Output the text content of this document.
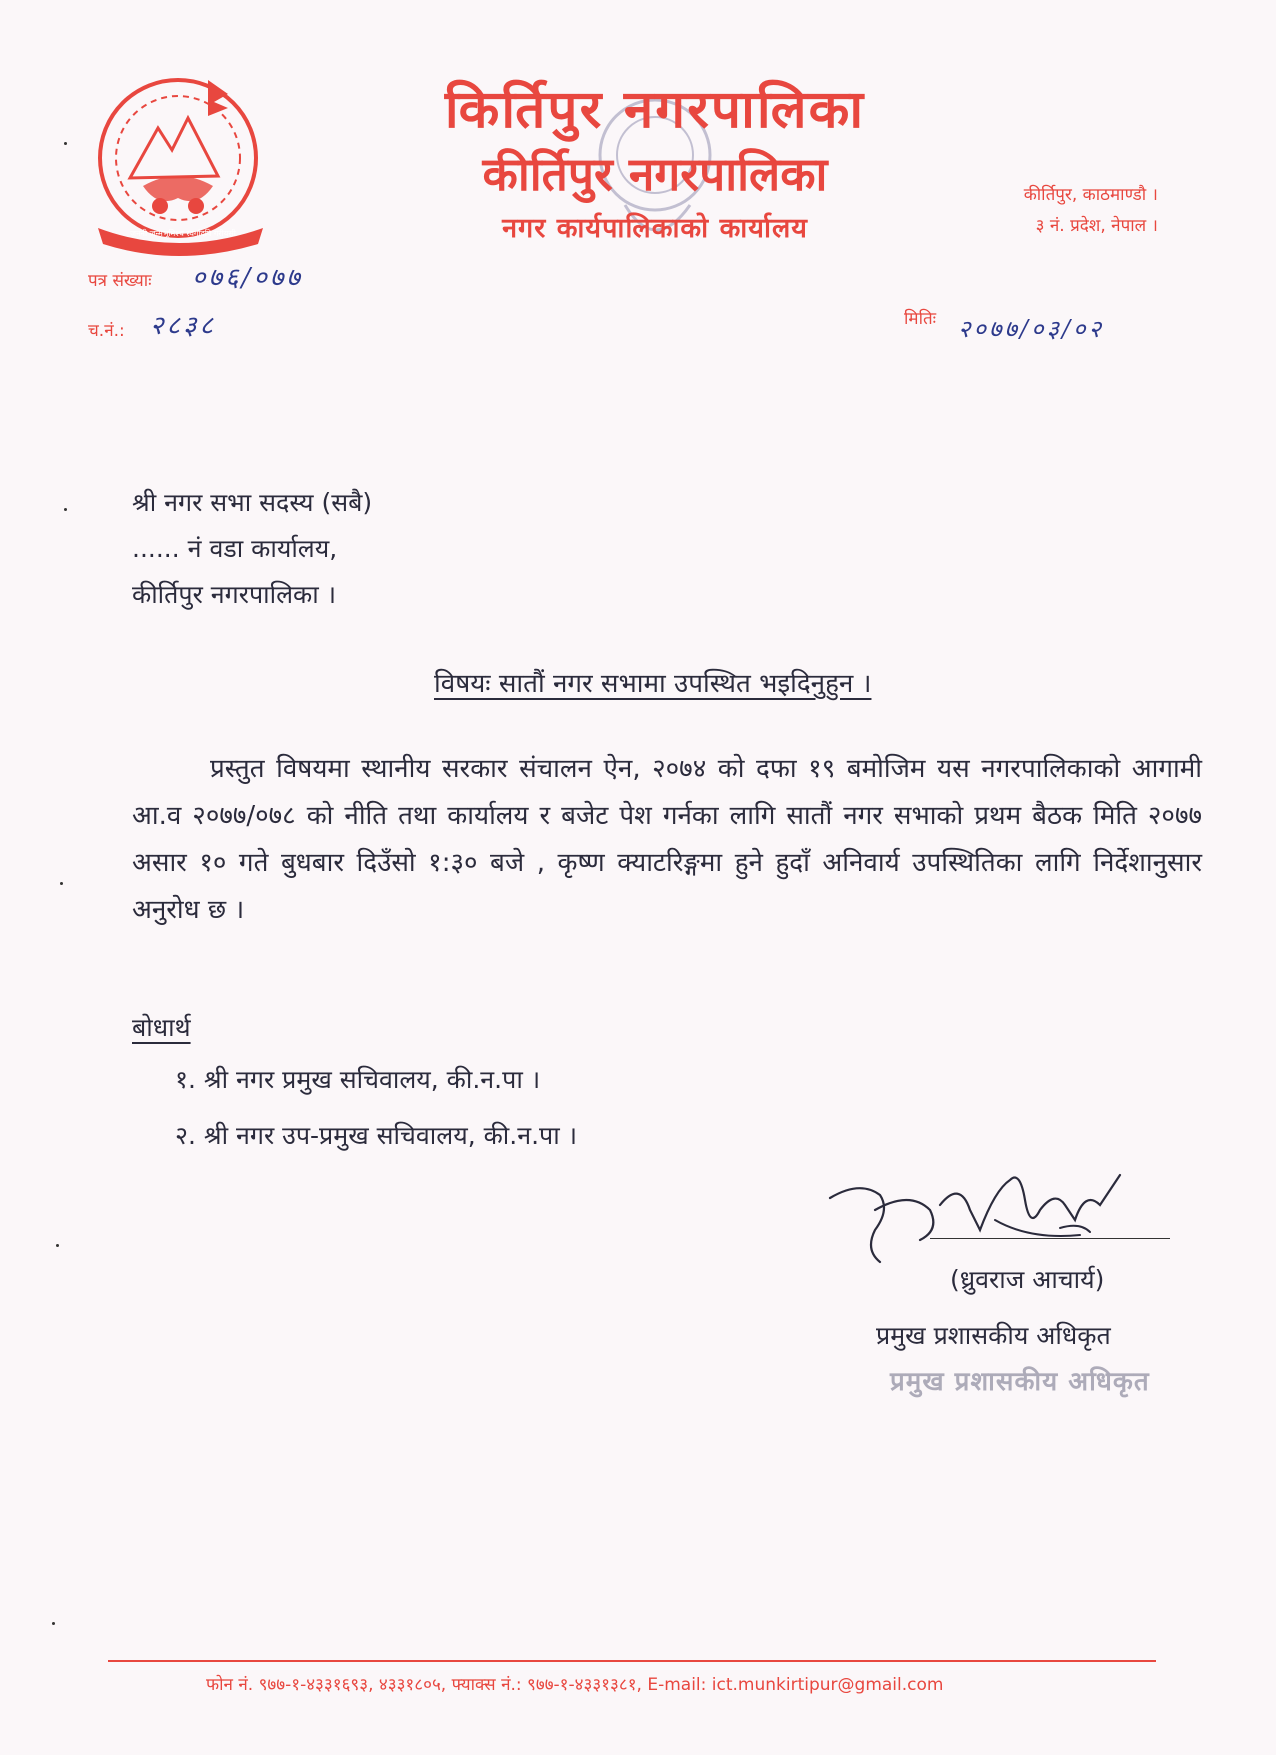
जननी जन्मभूमिश्च स्वर्गादपि गरीयसी
किर्तिपुर नगरपालिका
कीर्तिपुर नगरपालिका
नगर कार्यपालिकाको कार्यालय
कीर्तिपुर, काठमाण्डौ ।
३ नं. प्रदेश, नेपाल ।
पत्र संख्याः ०७६/०७७
च.नं.: २८३८	मितिः २०७७/०३/०२
श्री नगर सभा सदस्य (सबै)
...... नं वडा कार्यालय,
कीर्तिपुर नगरपालिका ।
विषयः सातौं नगर सभामा उपस्थित भइदिनुहुन ।
प्रस्तुत विषयमा स्थानीय सरकार संचालन ऐन, २०७४ को दफा १९ बमोजिम यस नगरपालिकाको आगामी आ.व २०७७/०७८ को नीति तथा कार्यालय र बजेट पेश गर्नका लागि सातौं नगर सभाको प्रथम बैठक मिति २०७७ असार १० गते बुधबार दिउँसो १:३० बजे , कृष्ण क्याटरिङ्गमा हुने हुदाँ अनिवार्य उपस्थितिका लागि निर्देशानुसार अनुरोध छ ।
बोधार्थ
१. श्री नगर प्रमुख सचिवालय, की.न.पा ।
२. श्री नगर उप-प्रमुख सचिवालय, की.न.पा ।
(ध्रुवराज आचार्य)
प्रमुख प्रशासकीय अधिकृत
प्रमुख प्रशासकीय अधिकृत
फोन नं. ९७७-१-४३३१६९३, ४३३१८०५, फ्याक्स नं.: ९७७-१-४३३१३८१, E-mail: ict.munkirtipur@gmail.com
